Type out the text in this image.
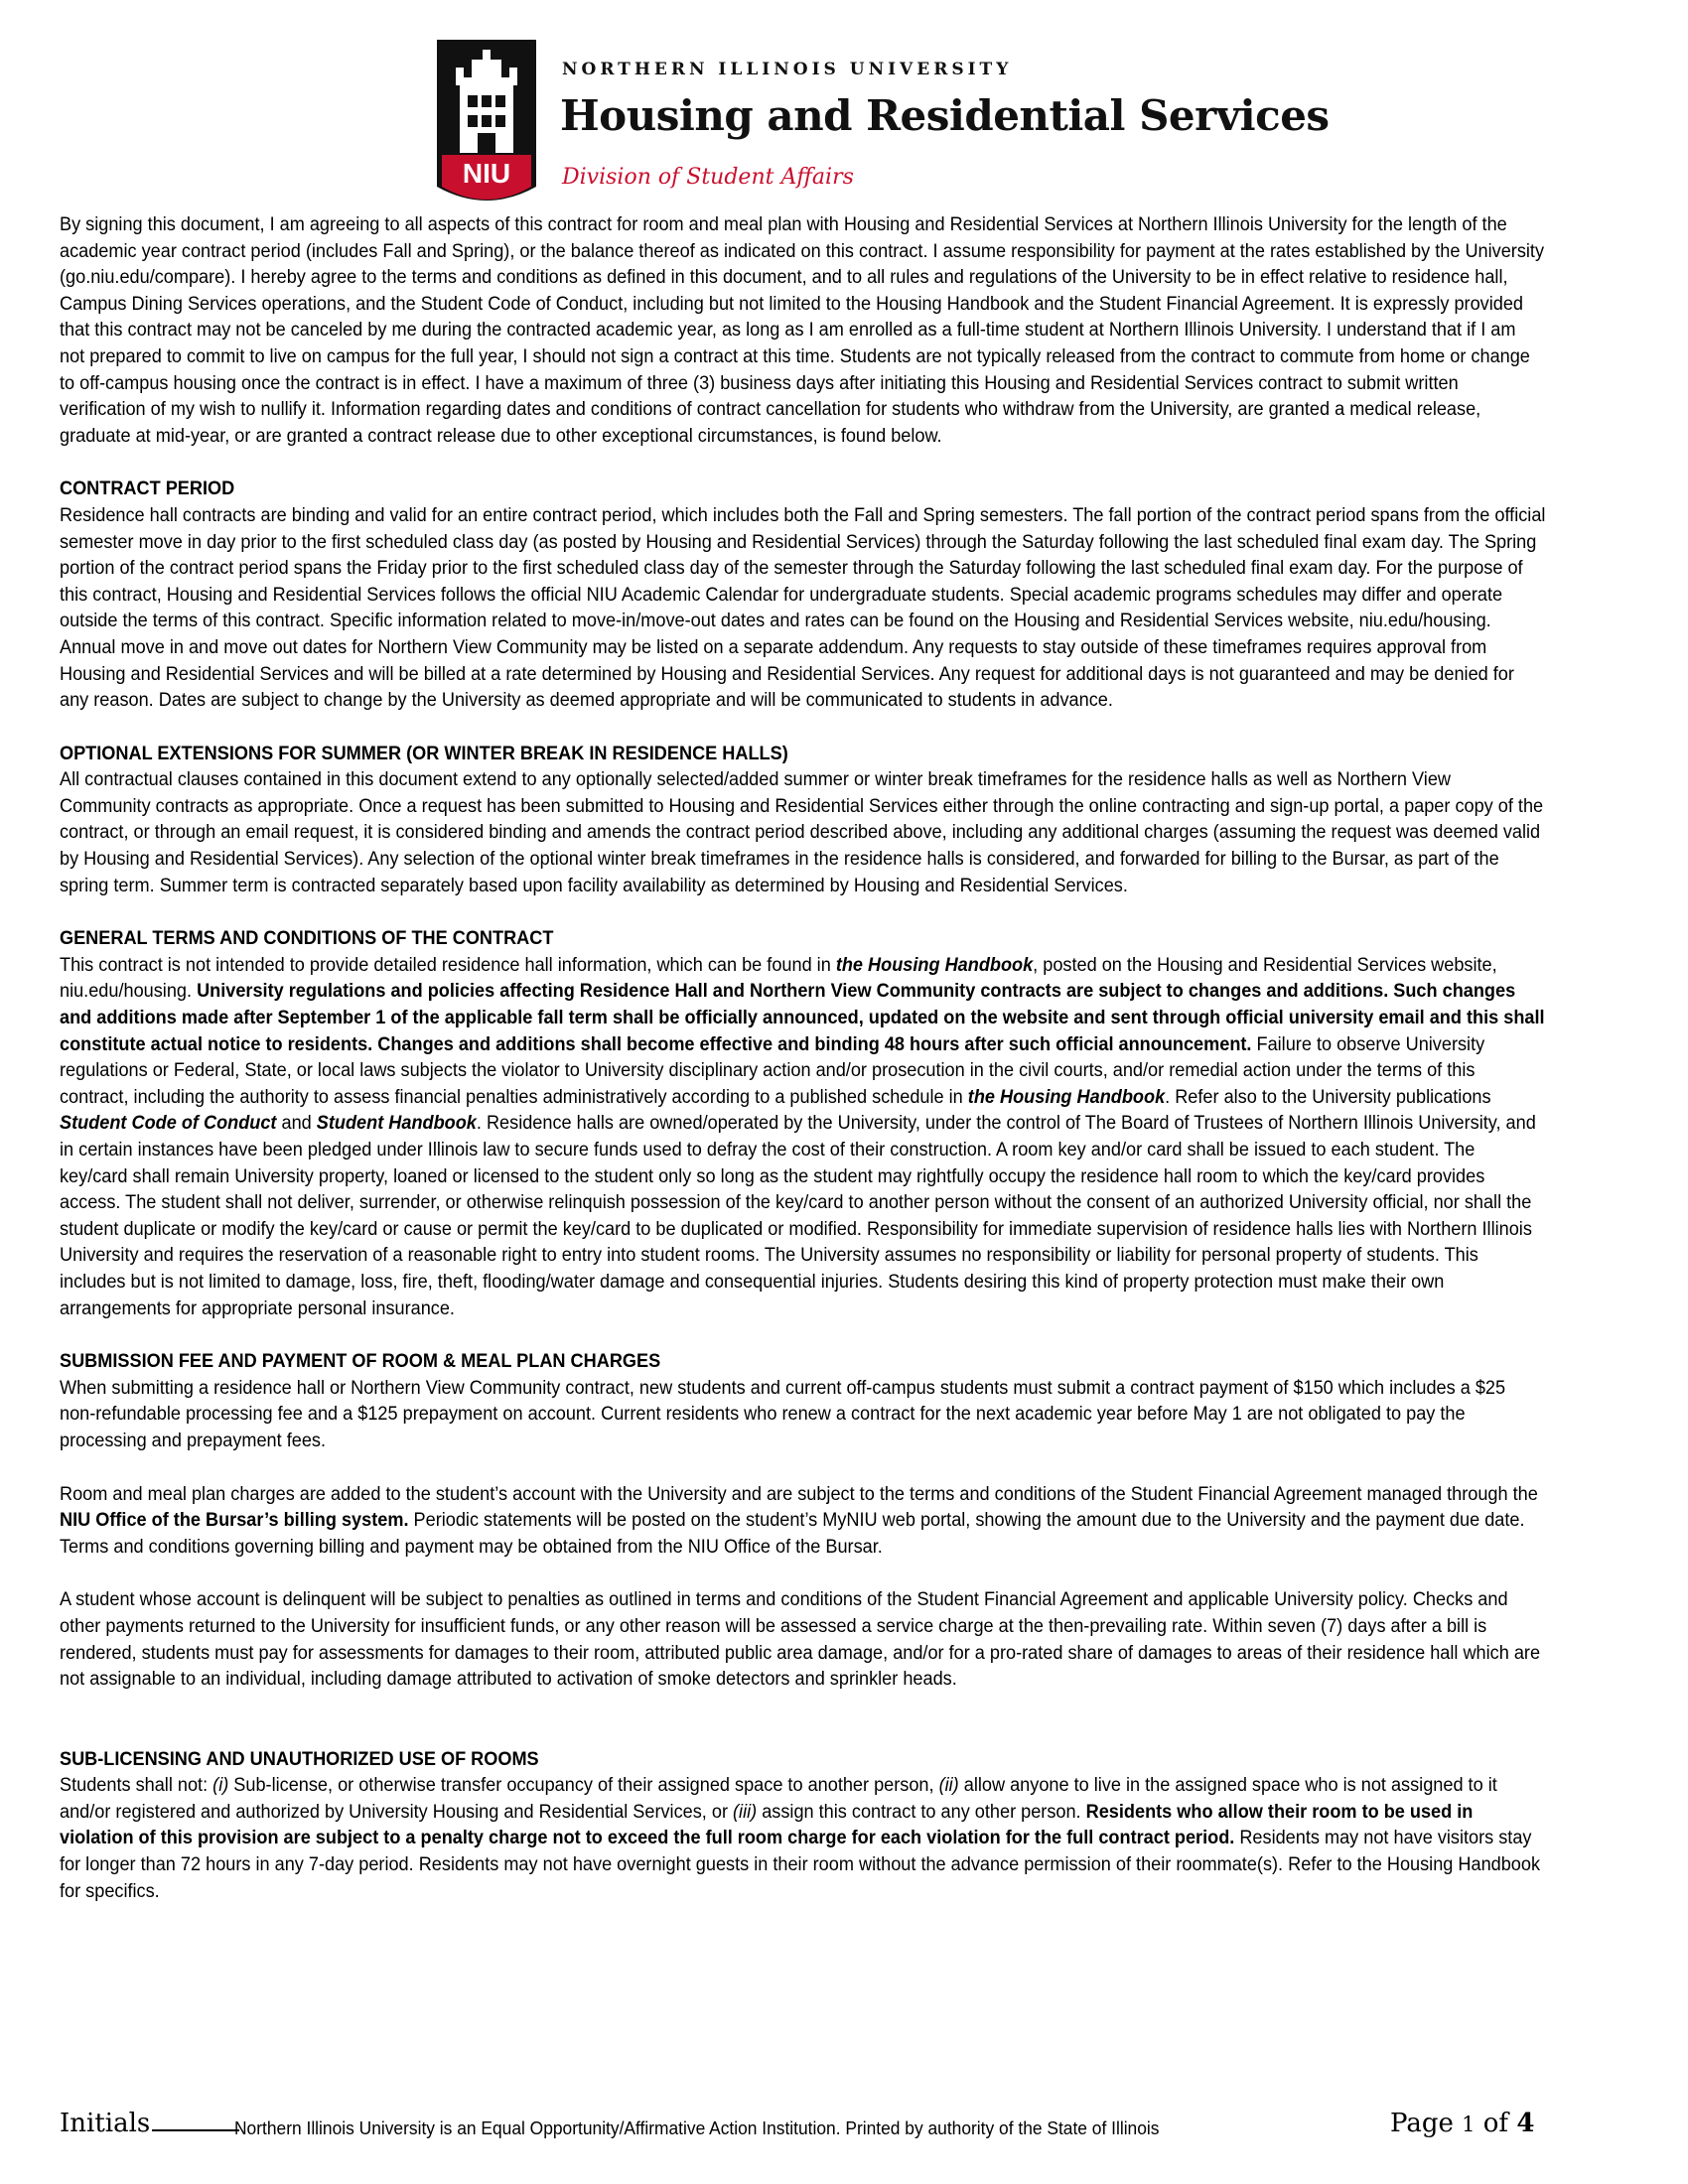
NIU
NORTHERN ILLINOIS UNIVERSITY
Housing and Residential Services
Division of Student Affairs

By signing this document, I am agreeing to all aspects of this contract for room and meal plan with Housing and Residential Services at Northern Illinois University for the length of the academic year contract period (includes Fall and Spring), or the balance thereof as indicated on this contract. I assume responsibility for payment at the rates established by the University (go.niu.edu/compare). I hereby agree to the terms and conditions as defined in this document, and to all rules and regulations of the University to be in effect relative to residence hall, Campus Dining Services operations, and the Student Code of Conduct, including but not limited to the Housing Handbook and the Student Financial Agreement. It is expressly provided that this contract may not be canceled by me during the contracted academic year, as long as I am enrolled as a full-time student at Northern Illinois University. I understand that if I am not prepared to commit to live on campus for the full year, I should not sign a contract at this time. Students are not typically released from the contract to commute from home or change to off-campus housing once the contract is in effect. I have a maximum of three (3) business days after initiating this Housing and Residential Services contract to submit written verification of my wish to nullify it. Information regarding dates and conditions of contract cancellation for students who withdraw from the University, are granted a medical release, graduate at mid-year, or are granted a contract release due to other exceptional circumstances, is found below.

CONTRACT PERIOD

Residence hall contracts are binding and valid for an entire contract period, which includes both the Fall and Spring semesters. The fall portion of the contract period spans from the official semester move in day prior to the first scheduled class day (as posted by Housing and Residential Services) through the Saturday following the last scheduled final exam day. The Spring portion of the contract period spans the Friday prior to the first scheduled class day of the semester through the Saturday following the last scheduled final exam day. For the purpose of this contract, Housing and Residential Services follows the official NIU Academic Calendar for undergraduate students. Special academic programs schedules may differ and operate outside the terms of this contract. Specific information related to move-in/move-out dates and rates can be found on the Housing and Residential Services website, niu.edu/housing. Annual move in and move out dates for Northern View Community may be listed on a separate addendum. Any requests to stay outside of these timeframes requires approval from Housing and Residential Services and will be billed at a rate determined by Housing and Residential Services. Any request for additional days is not guaranteed and may be denied for any reason. Dates are subject to change by the University as deemed appropriate and will be communicated to students in advance.

OPTIONAL EXTENSIONS FOR SUMMER (OR WINTER BREAK IN RESIDENCE HALLS)

All contractual clauses contained in this document extend to any optionally selected/added summer or winter break timeframes for the residence halls as well as Northern View Community contracts as appropriate. Once a request has been submitted to Housing and Residential Services either through the online contracting and sign-up portal, a paper copy of the contract, or through an email request, it is considered binding and amends the contract period described above, including any additional charges (assuming the request was deemed valid by Housing and Residential Services). Any selection of the optional winter break timeframes in the residence halls is considered, and forwarded for billing to the Bursar, as part of the spring term. Summer term is contracted separately based upon facility availability as determined by Housing and Residential Services.

GENERAL TERMS AND CONDITIONS OF THE CONTRACT

This contract is not intended to provide detailed residence hall information, which can be found in the Housing Handbook, posted on the Housing and Residential Services website, niu.edu/housing. University regulations and policies affecting Residence Hall and Northern View Community contracts are subject to changes and additions. Such changes and additions made after September 1 of the applicable fall term shall be officially announced, updated on the website and sent through official university email and this shall constitute actual notice to residents. Changes and additions shall become effective and binding 48 hours after such official announcement. Failure to observe University regulations or Federal, State, or local laws subjects the violator to University disciplinary action and/or prosecution in the civil courts, and/or remedial action under the terms of this contract, including the authority to assess financial penalties administratively according to a published schedule in the Housing Handbook. Refer also to the University publications Student Code of Conduct and Student Handbook. Residence halls are owned/operated by the University, under the control of The Board of Trustees of Northern Illinois University, and in certain instances have been pledged under Illinois law to secure funds used to defray the cost of their construction. A room key and/or card shall be issued to each student. The key/card shall remain University property, loaned or licensed to the student only so long as the student may rightfully occupy the residence hall room to which the key/card provides access. The student shall not deliver, surrender, or otherwise relinquish possession of the key/card to another person without the consent of an authorized University official, nor shall the student duplicate or modify the key/card or cause or permit the key/card to be duplicated or modified. Responsibility for immediate supervision of residence halls lies with Northern Illinois University and requires the reservation of a reasonable right to entry into student rooms. The University assumes no responsibility or liability for personal property of students. This includes but is not limited to damage, loss, fire, theft, flooding/water damage and consequential injuries. Students desiring this kind of property protection must make their own arrangements for appropriate personal insurance.

SUBMISSION FEE AND PAYMENT OF ROOM & MEAL PLAN CHARGES

When submitting a residence hall or Northern View Community contract, new students and current off-campus students must submit a contract payment of $150 which includes a $25 non-refundable processing fee and a $125 prepayment on account. Current residents who renew a contract for the next academic year before May 1 are not obligated to pay the processing and prepayment fees.

Room and meal plan charges are added to the student’s account with the University and are subject to the terms and conditions of the Student Financial Agreement managed through the NIU Office of the Bursar’s billing system. Periodic statements will be posted on the student’s MyNIU web portal, showing the amount due to the University and the payment due date. Terms and conditions governing billing and payment may be obtained from the NIU Office of the Bursar.

A student whose account is delinquent will be subject to penalties as outlined in terms and conditions of the Student Financial Agreement and applicable University policy. Checks and other payments returned to the University for insufficient funds, or any other reason will be assessed a service charge at the then-prevailing rate. Within seven (7) days after a bill is rendered, students must pay for assessments for damages to their room, attributed public area damage, and/or for a pro-rated share of damages to areas of their residence hall which are not assignable to an individual, including damage attributed to activation of smoke detectors and sprinkler heads.

SUB-LICENSING AND UNAUTHORIZED USE OF ROOMS

Students shall not: (i) Sub-license, or otherwise transfer occupancy of their assigned space to another person, (ii) allow anyone to live in the assigned space who is not assigned to it and/or registered and authorized by University Housing and Residential Services, or (iii) assign this contract to any other person. Residents who allow their room to be used in violation of this provision are subject to a penalty charge not to exceed the full room charge for each violation for the full contract period. Residents may not have visitors stay for longer than 72 hours in any 7-day period. Residents may not have overnight guests in their room without the advance permission of their roommate(s). Refer to the Housing Handbook for specifics.

Initials	Northern Illinois University is an Equal Opportunity/Affirmative Action Institution. Printed by authority of the State of Illinois	Page 1 of 4
